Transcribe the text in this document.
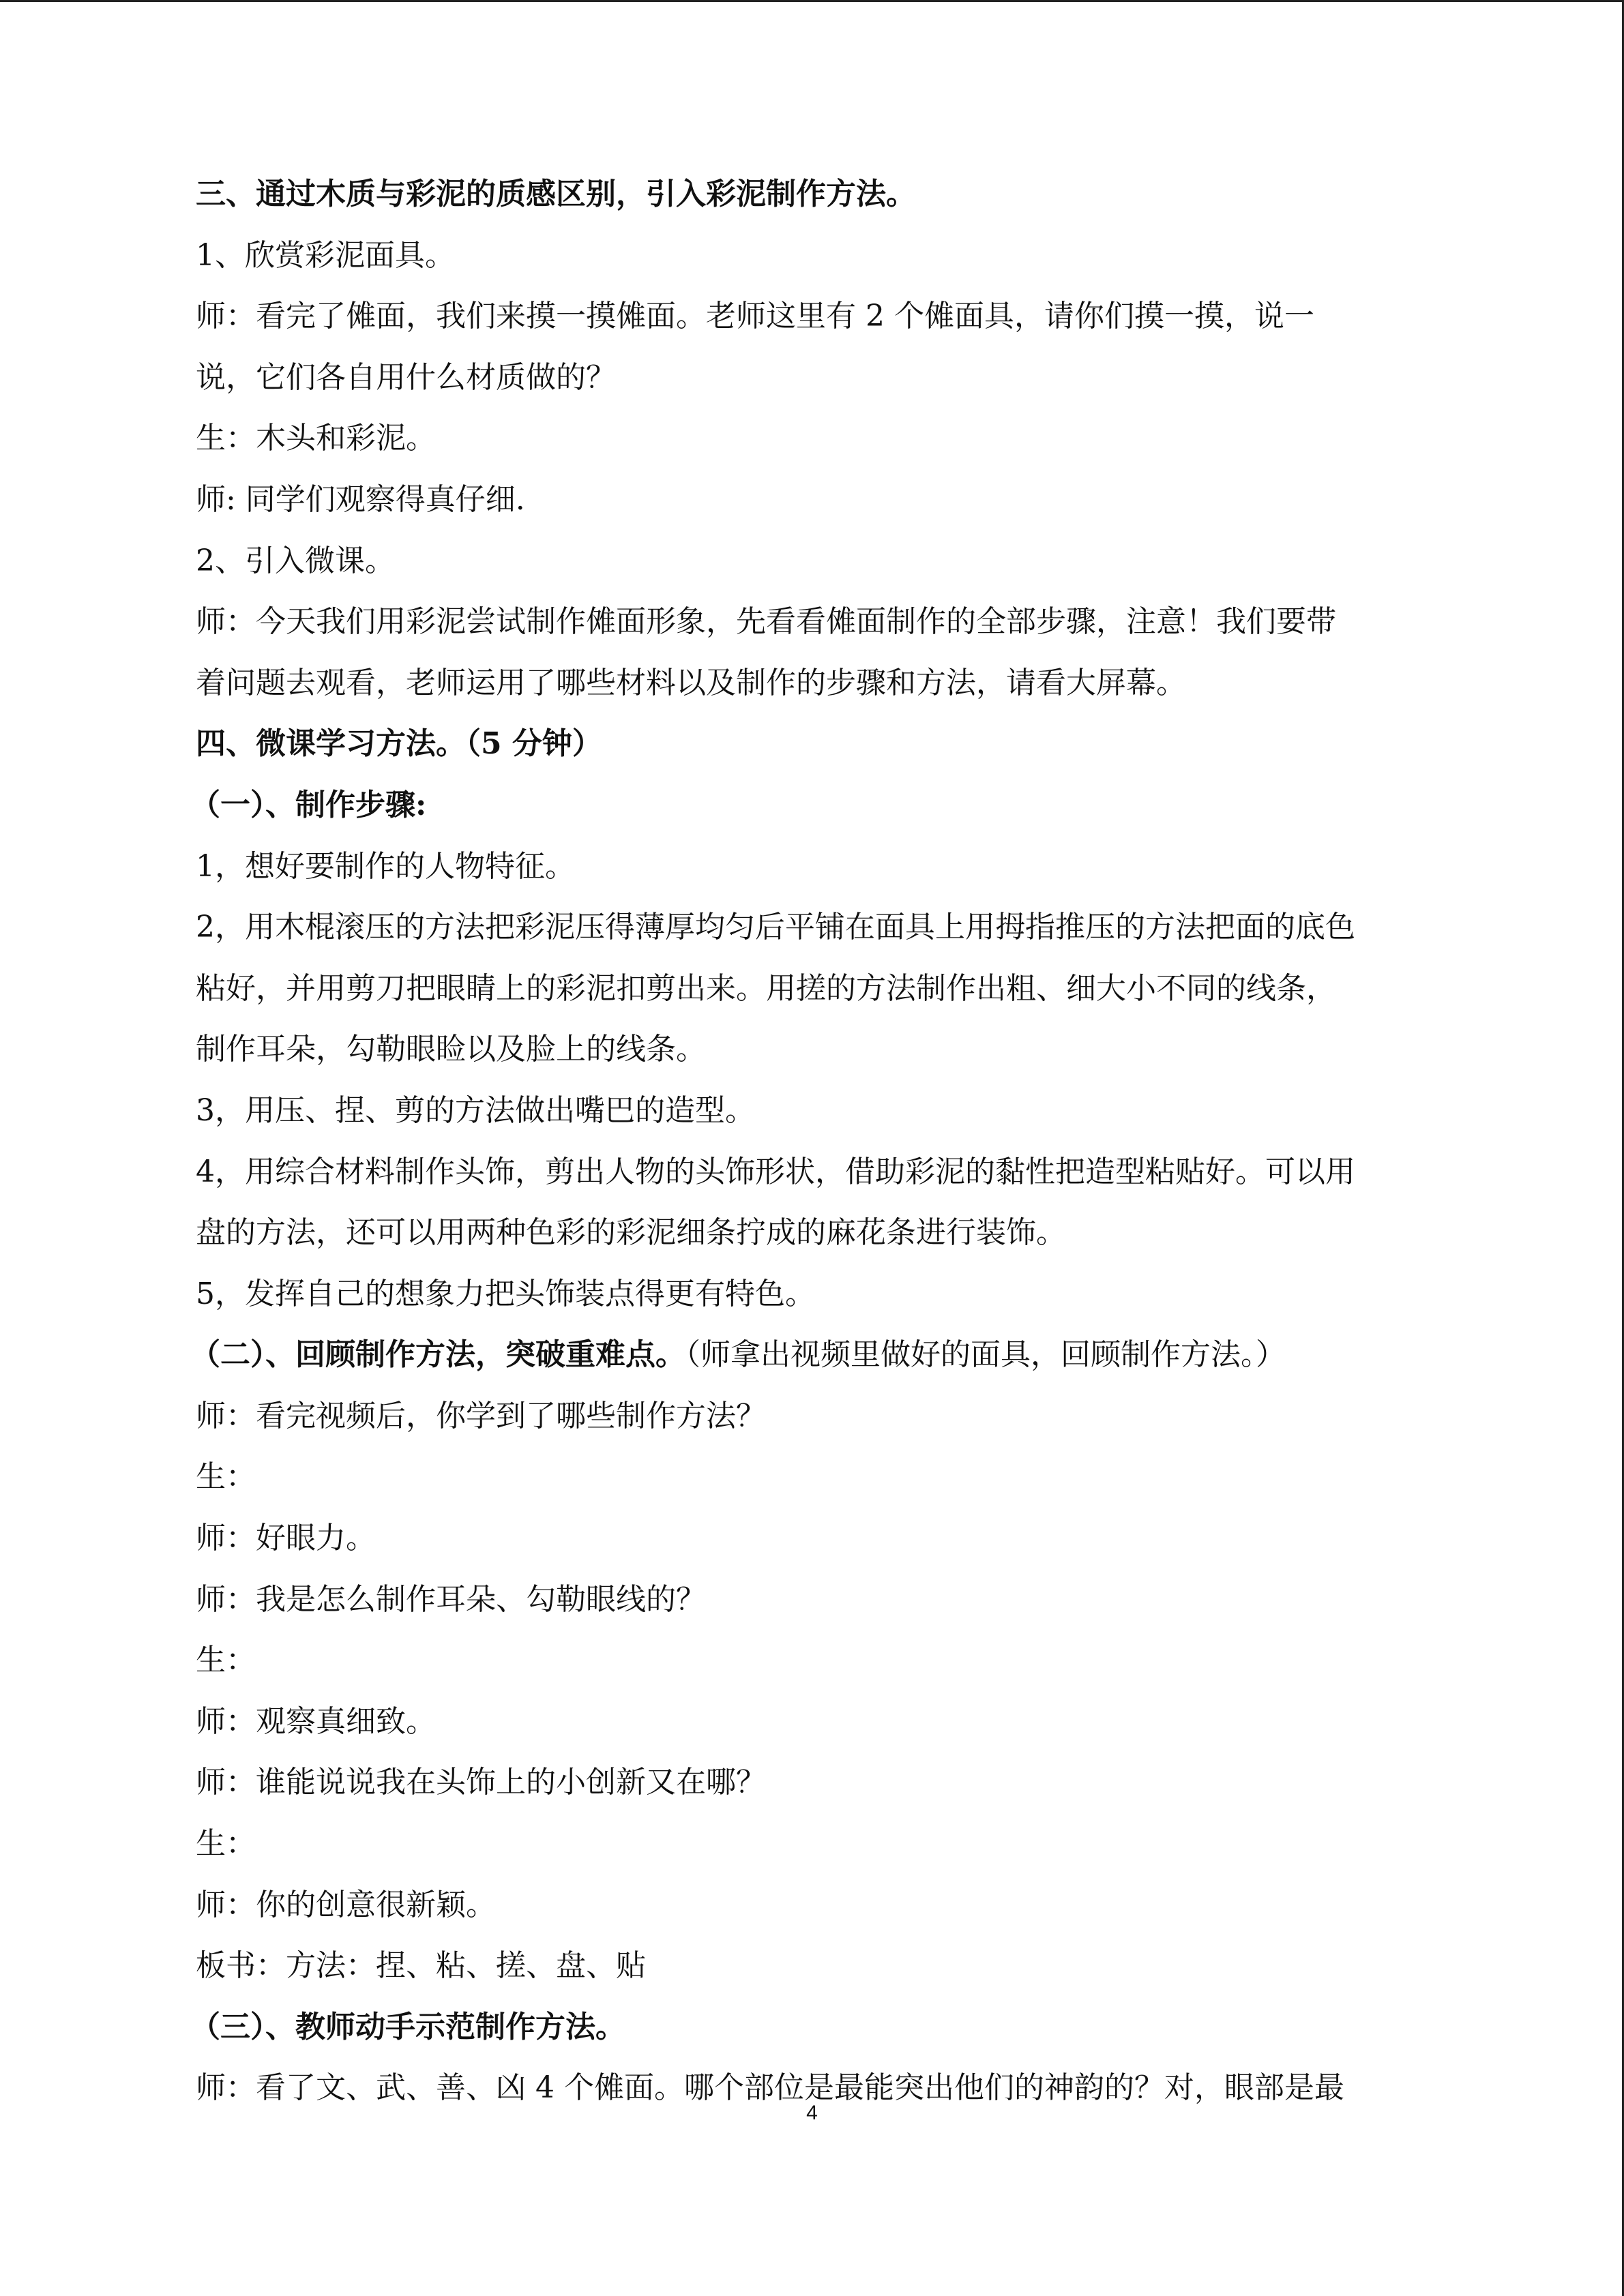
三、通过木质与彩泥的质感区别，引入彩泥制作方法。
1、欣赏彩泥面具。
师：看完了傩面，我们来摸一摸傩面。老师这里有 2 个傩面具，请你们摸一摸，说一
说，它们各自用什么材质做的？
生：木头和彩泥。
师: 同学们观察得真仔细.
2、引入微课。
师：今天我们用彩泥尝试制作傩面形象，先看看傩面制作的全部步骤，注意！我们要带
着问题去观看，老师运用了哪些材料以及制作的步骤和方法，请看大屏幕。
四、微课学习方法。（5 分钟）
（一）、制作步骤:
1，想好要制作的人物特征。
2，用木棍滚压的方法把彩泥压得薄厚均匀后平铺在面具上用拇指推压的方法把面的底色
粘好，并用剪刀把眼睛上的彩泥扣剪出来。用搓的方法制作出粗、细大小不同的线条，
制作耳朵，勾勒眼睑以及脸上的线条。
3，用压、捏、剪的方法做出嘴巴的造型。
4，用综合材料制作头饰，剪出人物的头饰形状，借助彩泥的黏性把造型粘贴好。可以用
盘的方法，还可以用两种色彩的彩泥细条拧成的麻花条进行装饰。
5，发挥自己的想象力把头饰装点得更有特色。
（二）、回顾制作方法，突破重难点。（师拿出视频里做好的面具，回顾制作方法。）
师：看完视频后，你学到了哪些制作方法？
生：
师：好眼力。
师：我是怎么制作耳朵、勾勒眼线的？
生：
师：观察真细致。
师：谁能说说我在头饰上的小创新又在哪？
生：
师：你的创意很新颖。
板书：方法：捏、粘、搓、盘、贴
（三）、教师动手示范制作方法。
师：看了文、武、善、凶 4 个傩面。哪个部位是最能突出他们的神韵的？对，眼部是最
4
